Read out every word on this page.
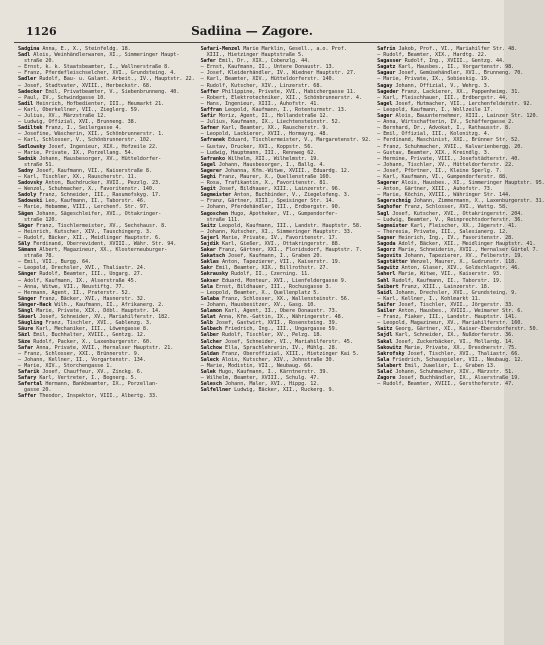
1126	Sadiina — Zagore.
Sadgina Anna, E., X., Steinfeldg. 18.
Sadl Alois, Weinhändlerwaren, XI., Simmeringer Haupt-
straße 20.
— Ernst, k. k. Staatsbeamter, I., Wallnerstraße 8.
— Franz, Pferdefleischselcher, XVI., Grundsteing. 4.
Sadler Rudolf, Bau- u. Galant. Arbeit., IV., Hauptstr. 22.
— Josef, Stadtvater, XVIII., Herbeckstr. 68.
Sadecker Emil, Privatbeamter, V., Siebenbrunneng. 40.
— Paul, IV., Schwindgasse 10.
Sadil Heinrich, Hofbedienter, III., Heumarkt 21.
— Karl, Oberkellner, VII., Zieglerg. 59.
— Julius, XV., Märzstraße 12.
— Ludwig, Offizial, XVI., Brunneng. 38.
Sadiltek Franz, I., Seilergasse 4.
— Josefine, Wäscherin, XII., Schönbrunnerstr. 1.
— Karl, Schlosser, V., Schönbrunnerstr. 102.
Sadlowsky Josef, Ingenieur, XIX., Hofzeile 22.
— Marie, Private, IX., Porzellang. 54.
Sadnik Johann, Hausbesorger, XV., Hütteldorfer-
straße 51.
Sadny Josef, Kaufmann, VII., Kaiserstraße 8.
— Karl, Tischler, XX., Rauscherstr. 11.
Sadovsky Anton, Buchdrucker, XVII., Pezzlg. 23.
— Wenzel, Schuhmacher, X., Favoritenstr. 140.
Sadoly Franz, Schneider, III., Rasumofskyg. 17.
Sadowski Leo, Kaufmann, II., Taborstr. 46.
— Marie, Hebamme, VIII., Lerchenf. Str. 97.
Sägen Johann, Sägeschleifer, XVI., Ottakringer-
straße 120.
Säger Franz, Tischlermeister, XV., Sechshausr. 8.
— Heinrich, Kutscher, XIV., Tauschingerg. 3.
— Rudolf, Bäcker, XII., Meidlinger Hauptstr. 6.
Säly Ferdinand, Oberrevident, XVIII., Währ. Str. 94.
Sämann Albert, Magazineur, XX., Klosterneuburger-
straße 78.
— Emil, VII., Burgg. 64.
— Leopold, Drechsler, XVI., Thaliastr. 24.
Sänger Rudolf, Beamter, III., Ungarg. 27.
— Adolf, Kaufmann, IX., Alserstraße 45.
— Anna, Witwe, VII., Neustiftg. 77.
— Hermann, Agent, II., Praterstr. 52.
Sänger Franz, Bäcker, XVI., Hasnerstr. 32.
Sänger-Hack Wilh., Kaufmann, II., Afrikanerg. 2.
Sängl Marie, Private, XIX., Döbl. Hauptstr. 14.
Säuerl Josef, Schneider, XV., Mariahilferstr. 182.
Säugling Franz, Tischler, XVI., Gablenzg. 3.
Säure Karl, Mechaniker, III., Löwengasse 8.
Säzl Emil, Buchhalter, XVIII., Gentzg. 12.
Säze Rudolf, Packer, X., Laxenburgerstr. 60.
Safar Anna, Private, XVII., Hernalser Hauptstr. 21.
— Franz, Schlosser, XXI., Brünnerstr. 9.
— Johann, Kellner, II., Vorgartenstr. 134.
— Marie, XIV., Storchengasse 1.
Safarik Josef, Chauffeur, XV., Zinckg. 6.
Safary Karl, Vertreter, I., Bognerg. 5.
Safertal Hermann, Bankbeamter, IX., Porzellan-
gasse 20.
Saffer Theodor, Inspektor, VIII., Albertg. 33.
Safari-Menzel Marie Marklin, Gesell., a.o. Prof.
XIII., Hietzinger Hauptstraße 5.
Safer Emil, Dr., XIX., Cobenzlg. 44.
— Ernst, Kaufmann, II., Untere Donaustr. 13.
— Josef, Kleiderhändler, IV., Wiedner Hauptstr. 27.
— Karl, Beamter, XIV., Hütteldorferstr. 140.
— Rudolf, Kutscher, XIV., Linzerstr. 68.
Saffer Philippine, Private, XVI., Habichergasse 11.
— Robert, Elektrotechniker, XII., Schönbrunnerstr. 4.
— Hans, Ingenieur, XIII., Auhofstr. 41.
Saffran Leopold, Kaufmann, I., Rotenturmstr. 13.
Safir Moriz, Agent, II., Hollandstraße 12.
— Julius, Kaufmann, IX., Liechtensteinstr. 52.
Safner Karl, Beamter, XX., Rauscherstr. 9.
— Leopold, Lackierer, XVII., Hormayrg. 48.
Safranek Eduard, Tischlermeister, V., Margaretenstr. 92.
— Gustav, Drucker, XVI., Koppstr. 56.
— Ludwig, Hauptmann, III., Rennweg 62.
Safranko Wilhelm, XII., Wilhelmstr. 19.
Sagel Johann, Hausbesorger, I., Ballg. 4.
Sagerer Johanna, Kfm.-Witwe, XVIII., Eduardg. 12.
Saghi Franz, Maurer, X., Quellenstraße 160.
— Rosa, Trafikantin, X., Favoritenstr. 81.
Sagit Josef, Bildhauer, XIII., Lainzerstr. 96.
Sagmeister Anton, Buchbinder, V., Ziegelofeng. 3.
— Franz, Gärtner, XIII., Speisinger Str. 14.
— Johann, Pferdehändler, III., Erdbergstr. 90.
Sagoschen Hugo, Apotheker, VI., Gumpendorfer-
straße 111.
Saitz Leopold, Kaufmann, III., Landstr. Hauptstr. 58.
— Johann, Kutscher, XI., Simmeringer Hauptstr. 33.
Sajerl Marie, Private, IV., Favoritenstr. 17.
Sajdik Karl, Gießer, XVI., Ottakringerstr. 88.
Sakar Franz, Gärtner, XXI., Floridsdorf, Hauptstr. 7.
Sakatsch Josef, Kaufmann, I., Graben 20.
Saklas Anton, Tapezierer, VII., Kaiserstr. 19.
Sakr Emil, Beamter, XIX., Billrothstr. 27.
Sakrausky Rudolf, II., Czerning. 11.
Sakser Eduard, Monteur, XVI., Lienfeldergasse 9.
Sala Ernst, Bildhauer, III., Rochusgasse 3.
— Leopold, Beamter, X., Quellenplatz 5.
Salaba Franz, Schlosser, XX., Wallensteinstr. 56.
— Johann, Hausbesitzer, XV., Gasg. 10.
Salamon Karl, Agent, II., Obere Donaustr. 73.
Salat Anna, Kfm.-Gattin, IX., Währingerstr. 48.
Salb Josef, Gastwirt, XVII., Rosensteing. 39.
Salbach Friedrich, Ing., III., Ungargasse 59.
Salber Rudolf, Tischler, XV., Pelzg. 18.
Salcher Josef, Schneider, VI., Mariahilferstr. 45.
Salchow Ella, Sprachlehrerin, IV., Mühlg. 28.
Saldan Franz, Oberoffizial, XIII., Hietzinger Kai 5.
Saleck Alois, Kutscher, XIV., Johnstraße 30.
— Marie, Modistin, VII., Neubaug. 66.
Salek Hugo, Kaufmann, I., Kärntnerstr. 39.
— Wilhelm, Beamter, XVIII., Schulg. 47.
Salesch Johann, Maler, XVI., Hippg. 12.
Salfellner Ludwig, Bäcker, XII., Ruckerg. 9.
Safrin Jakob, Prof., VI., Mariahilfer Str. 48.
— Rudolf, Beamter, XIX., Hardtg. 22.
Sagasser Rudolf, Ing., XVIII., Gentzg. 44.
Sagatz Karl, Hausbes., II., Vorgartenstr. 98.
Sagaur Josef, Gemüsehändler, XVI., Brunneng. 70.
— Marie, Private, IX., Sobieskig. 19.
Sagay Johann, Offizial, V., Wehrg. 3.
Sageder Franz, Lackierer, XX., Pappenheimg. 31.
— Karl, Fleischhauer, III., Erdbergstr. 44.
Sagel Josef, Hutmacher, VII., Lerchenfelderstr. 92.
— Leopold, Kaufmann, I., Wollzeile 17.
Sager Alois, Bauunternehmer, XIII., Lainzer Str. 120.
— Anna, Wirtschafterin, IV., Schäffergasse 2.
— Bernhard, Dr., Advokat, I., Rathausstr. 8.
— Emil, Offizial, III., Kolonitzg. 4.
— Ferdinand, Maschinist, XXI., Brünner Str. 52.
— Franz, Schuhmacher, XVII., Kalvarienbergg. 20.
— Gustav, Beamter, XIX., Kreindlg. 3.
— Hermine, Private, VIII., Josefstädterstr. 40.
— Johann, Tischler, XV., Hütteldorferstr. 22.
— Josef, Pförtner, II., Kleine Sperlg. 7.
— Karl, Kaufmann, VI., Gumpendorferstr. 88.
Sagerer Alois, Hausbes., XI., Simmeringer Hauptstr. 95.
— Anton, Gärtner, XIII., Auhofstr. 73.
— Marie, Köchin, XVIII., Währinger Str. 144.
Sagerschnig Johann, Zimmermann, X., Laxenburgerstr. 31.
Saghofer Franz, Schlosser, XVI., Wattg. 58.
Sagl Josef, Kutscher, XVI., Ottakringerstr. 204.
— Ludwig, Beamter, V., Reinprechtsdorferstr. 36.
Sagmeister Karl, Fleischer, XX., Jägerstr. 41.
— Theresia, Private, III., Salesianerg. 12.
Sagner Heinrich, Ing., IV., Favoritenstr. 28.
Sagoda Adolf, Bäcker, XII., Meidlinger Hauptstr. 41.
Sagorz Marie, Schneiderin, XVII., Hernalser Gürtel 7.
Sagovits Johann, Tapezierer, XV., Felberstr. 19.
Sagstätter Wenzel, Maurer, X., Gudrunstr. 118.
Sagwitz Anton, Glaser, XIV., Goldschlagstr. 46.
Saherl Marie, Witwe, VII., Kaiserstr. 93.
Sahl Rudolf, Kaufmann, II., Taborstr. 19.
Saibert Franz, XIII., Lainzerstr. 18.
Saidl Johann, Drechsler, XVI., Grundsteing. 9.
— Karl, Kellner, I., Kohlmarkt 11.
Saifer Josef, Tischler, XVII., Jörgerstr. 33.
Sailer Anton, Hausbes., XVIII., Weimarer Str. 6.
— Franz, Fiaker, III., Landstr. Hauptstr. 141.
— Leopold, Magazineur, XV., Mariahilferstr. 160.
Saitz Georg, Gärtner, XI., Kaiser-Ebersdorferstr. 50.
Sajdl Karl, Schneider, IX., Nußdorferstr. 36.
Sakal Josef, Zuckerbäcker, VI., Mollardg. 14.
Sakowitz Marie, Private, XX., Dresdnerstr. 75.
Sakrofsky Josef, Tischler, XVI., Thaliastr. 66.
Sala Friedrich, Schauspieler, VII., Neubaug. 12.
Salabert Emil, Juwelier, I., Graben 13.
Salač Johann, Schuhmacher, XIV., Märzstr. 51.
Zagore Josef, Buchhändler, IX., Alserstraße 19.
— Rudolf, Beamter, XVIII., Gersthoferstr. 47.
